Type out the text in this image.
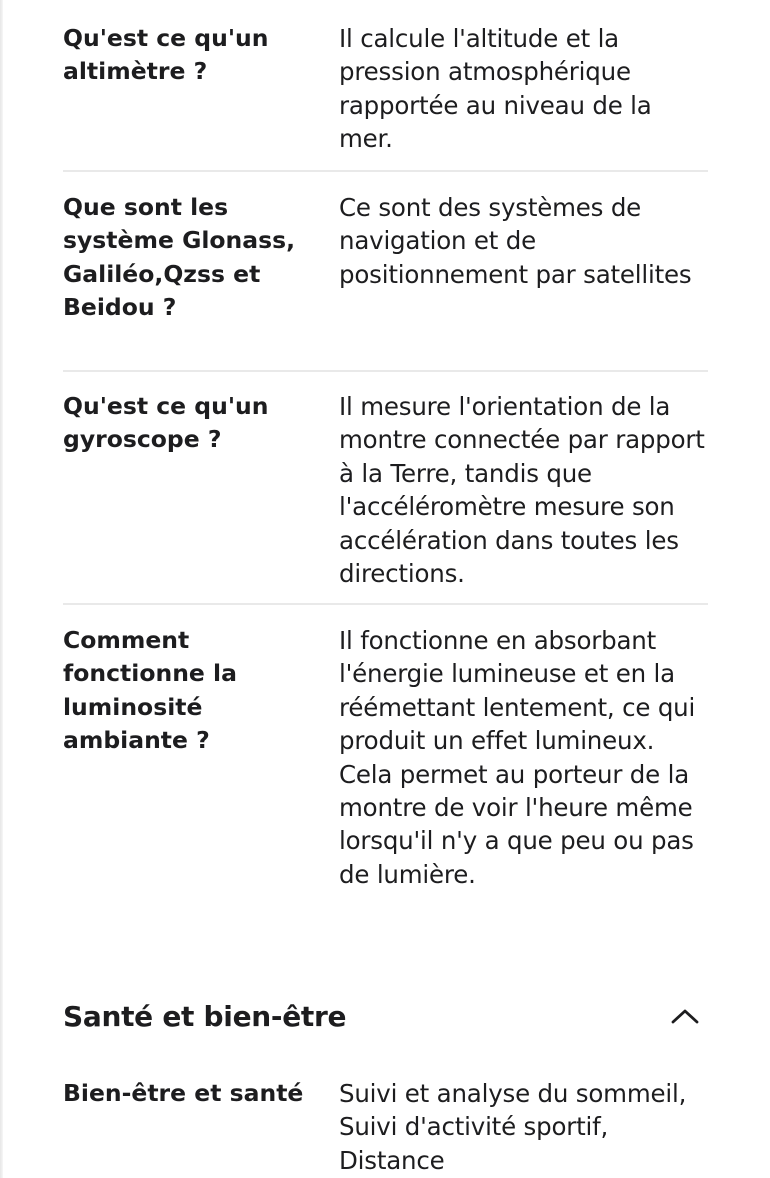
Qu'est ce qu'un altimètre ?
Il calcule l'altitude et la pression atmosphérique rapportée au niveau de la mer.
Que sont les système Glonass, Galiléo,Qzss et Beidou ?
Ce sont des systèmes de navigation et de positionnement par satellites
Qu'est ce qu'un gyroscope ?
Il mesure l'orientation de la montre connectée par rapport à la Terre, tandis que l'accéléromètre mesure son accélération dans toutes les directions.
Comment fonctionne la luminosité ambiante ?
Il fonctionne en absorbant l'énergie lumineuse et en la réémettant lentement, ce qui produit un effet lumineux. Cela permet au porteur de la montre de voir l'heure même lorsqu'il n'y a que peu ou pas de lumière.
Santé et bien-être
Bien-être et santé	Suivi et analyse du sommeil, Suivi d'activité sportif, Distance
